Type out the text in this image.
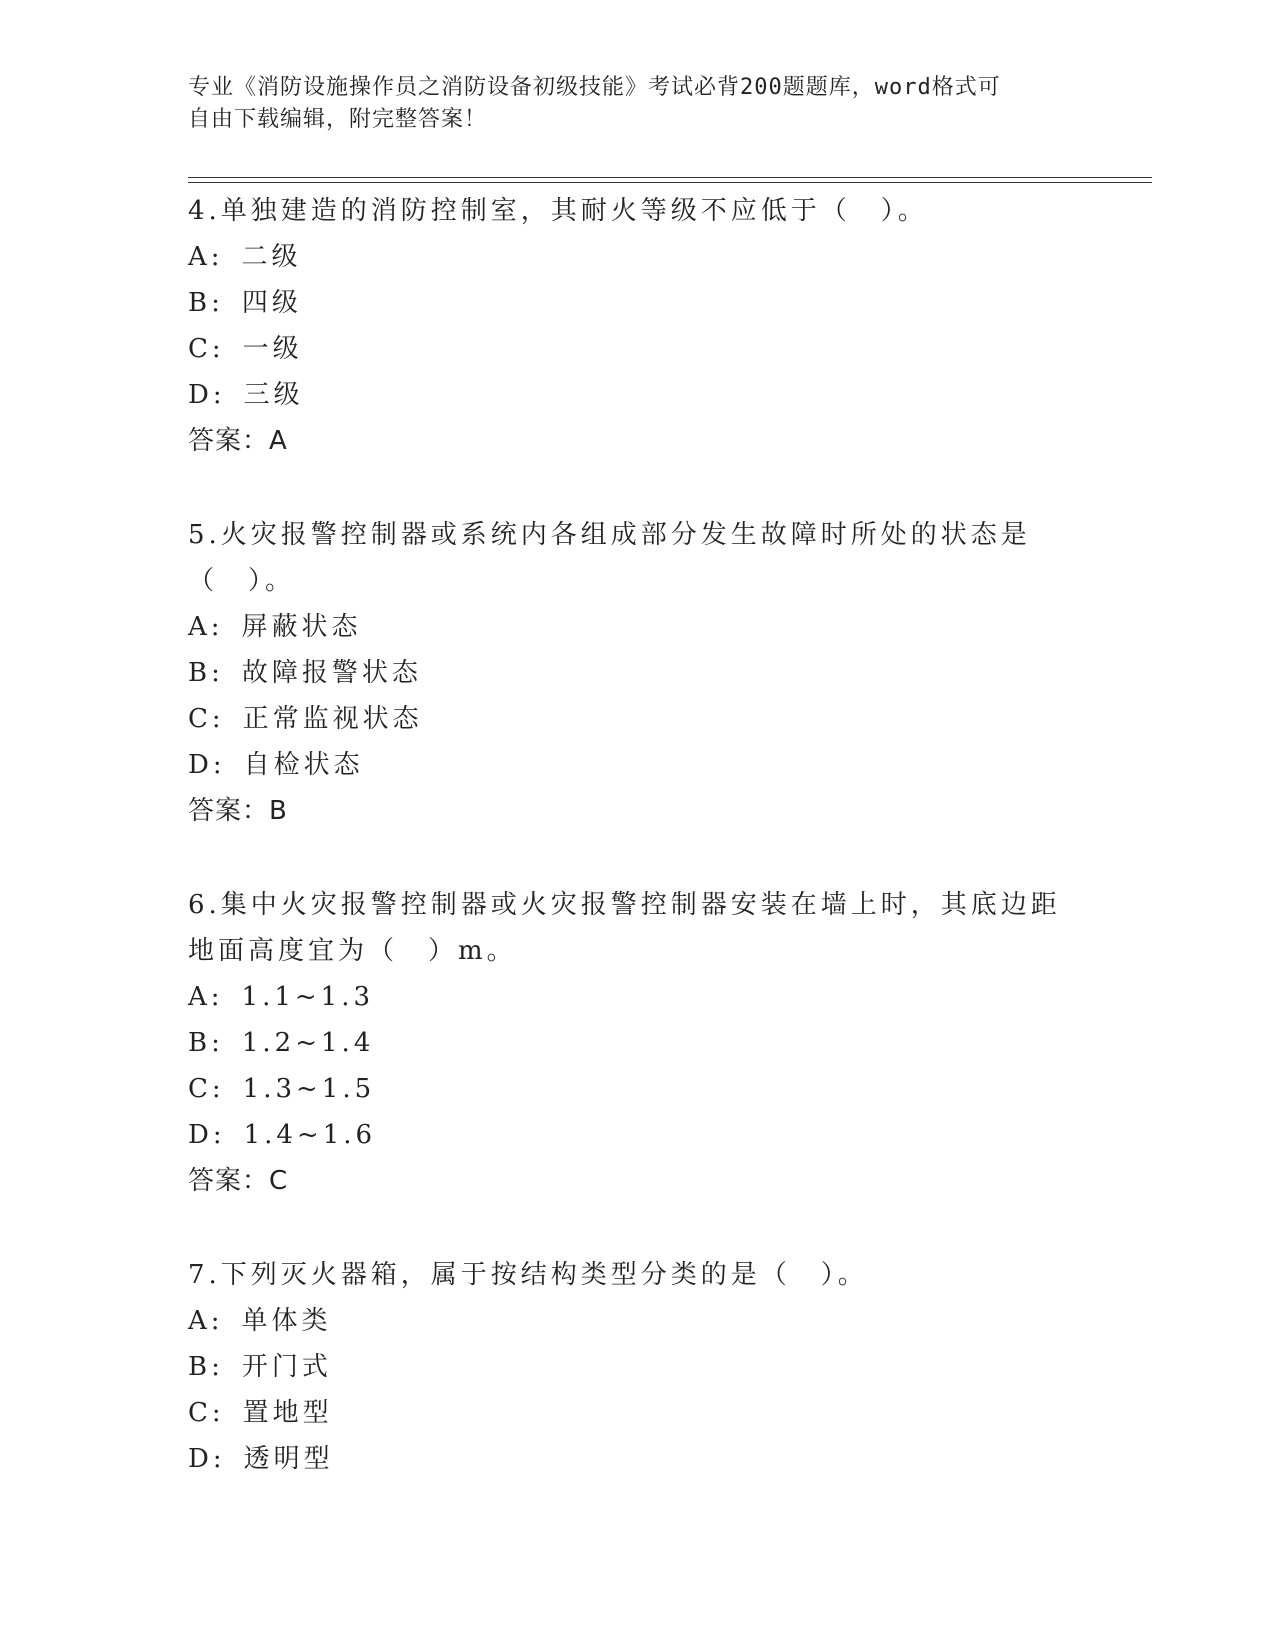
专业《消防设施操作员之消防设备初级技能》考试必背200题题库，word格式可
自由下载编辑，附完整答案！

4.单独建造的消防控制室，其耐火等级不应低于（　）。

A: 二级

B: 四级

C: 一级

D: 三级

答案：A

5.火灾报警控制器或系统内各组成部分发生故障时所处的状态是（　）。

A: 屏蔽状态

B: 故障报警状态

C: 正常监视状态

D: 自检状态

答案：B

6.集中火灾报警控制器或火灾报警控制器安装在墙上时，其底边距地面高度宜为（　）m。

A: 1.1~1.3

B: 1.2~1.4

C: 1.3~1.5

D: 1.4~1.6

答案：C

7.下列灭火器箱，属于按结构类型分类的是（　）。

A: 单体类

B: 开门式

C: 置地型

D: 透明型
